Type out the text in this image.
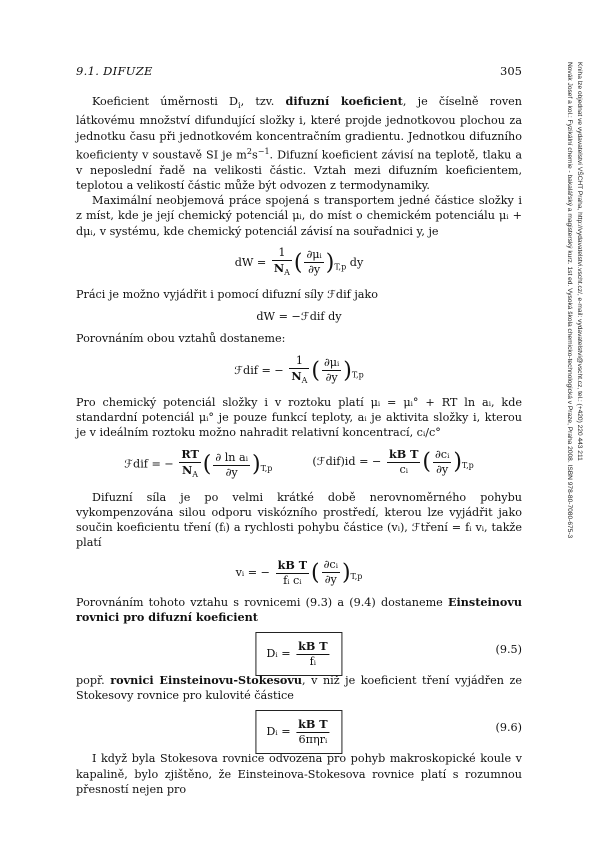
9.1. DIFUZE	305	Novák Josef a kol.: Fyzikální chemie - bakalářský a magisterský kurz. 1st ed. Vysoká škola chemicko-technologická v Praze, Praha 2008. ISBN 978-80-7080-675-3 Kniha lze objednat ve vydavatelství VŠCHT Praha, http://vydavatelstvi.vscht.cz/, e-mail: vydavatelstvi@vscht.cz, tel.: (+420) 220 443 211

Koeficient úměrnosti $D_i$, tzv. difuzní koeficient, je číselně roven látkovému množství difundující složky i, které projde jednotkovou plochou za jednotku času při jednotkovém koncentračním gradientu. Jednotkou difuzního koeficienty v soustavě SI je $m^2s^{-1}$. Difuzní koeficient závisí na teplotě, tlaku a v neposlední řadě na velikosti částic. Vztah mezi difuzním koeficientem, teplotou a velikostí částic může být odvozen z termodynamiky.

Maximální neobjemová práce spojená s transportem jedné částice složky i z míst, kde je její chemický potenciál μᵢ, do míst o chemickém potenciálu μᵢ + dμᵢ, v systému, kde chemický potenciál závisí na souřadnici y, je

dW = $\frac{1}{N_A}$ ( $\frac{\text{∂μᵢ}}{\partial y} )_{T,p}$ dy

Práci je možno vyjádřit i pomocí difuzní síly ℱdif jako

dW = −ℱdif dy

Porovnáním obou vztahů dostaneme:

ℱdif = − $\frac{1}{N_A}$ ( $\frac{\text{∂μᵢ}}{\partial y} )_{T,p}$

Pro chemický potenciál složky i v roztoku platí μᵢ = μᵢ° + RT ln aᵢ, kde standardní potenciál μᵢ° je pouze funkcí teploty, aᵢ je aktivita složky i, kterou je v ideálním roztoku možno nahradit relativní koncentrací, cᵢ/c°

ℱdif = − $\frac{RT}{N_A}$ ( $\frac{\text{∂ ln aᵢ}}{\partial y} )_{T,p}$
(ℱdif)id = − $\frac{\text{kB T}}{\text{cᵢ}}$ ( $\frac{\text{∂cᵢ}}{\partial y} )_{T,p}$

Difuzní síla je po velmi krátké době nerovnoměrného pohybu vykompenzována silou odporu viskózního prostředí, kterou lze vyjádřit jako součin koeficientu tření (fᵢ) a rychlosti pohybu částice (vᵢ), ℱtření = fᵢ vᵢ, takže platí

vᵢ = − $\frac{\text{kB T}}{\text{fᵢ cᵢ}}$ ( $\frac{\text{∂cᵢ}}{\partial y} )_{T,p}$

Porovnáním tohoto vztahu s rovnicemi (9.3) a (9.4) dostaneme Einsteinovu rovnici pro difuzní koeficient

Dᵢ = $\frac{\text{kB T}}{\text{fᵢ}}$	(9.5)

popř. rovnici Einsteinovu-Stokesovu, v níž je koeficient tření vyjádřen ze Stokesovy rovnice pro kulovité částice

Dᵢ = $\frac{\text{kB T}}{\text{6πηrᵢ}}$	(9.6)

I když byla Stokesova rovnice odvozena pro pohyb makroskopické koule v kapalině, bylo zjištěno, že Einsteinova-Stokesova rovnice platí s rozumnou přesností nejen pro
